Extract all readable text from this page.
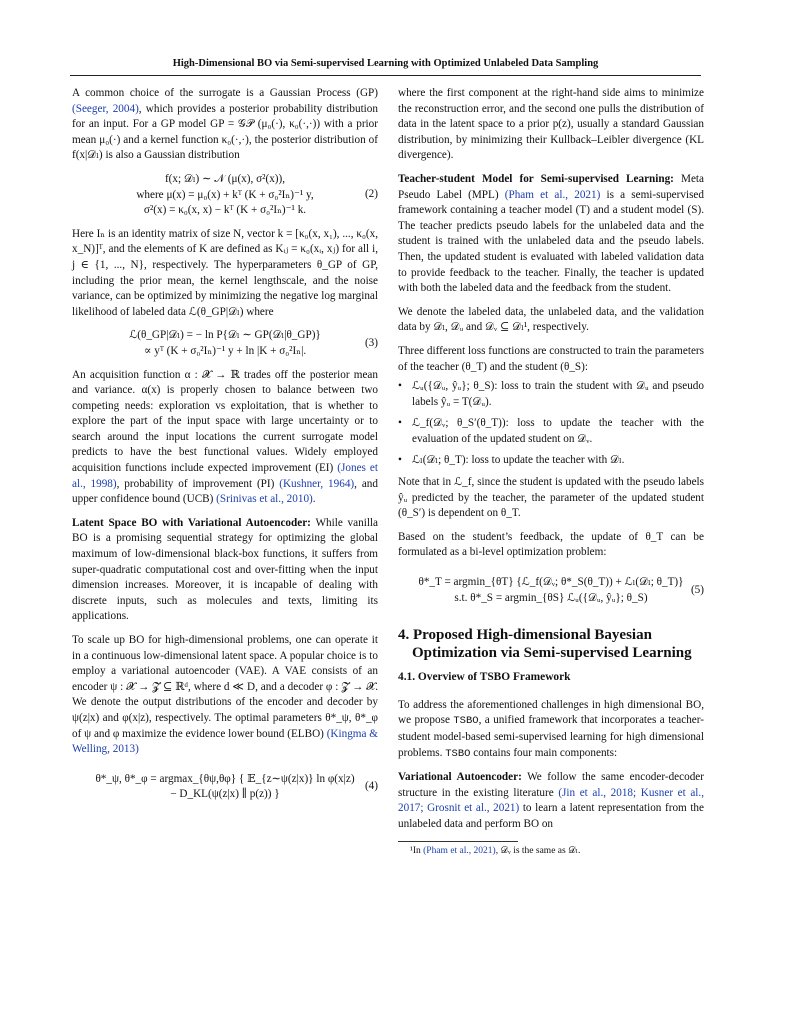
High-Dimensional BO via Semi-supervised Learning with Optimized Unlabeled Data Sampling

A common choice of the surrogate is a Gaussian Process (GP) (Seeger, 2004), which provides a posterior probability distribution for an input. For a GP model GP = 𝒢𝒫 (μ₀(·), κ₀(·,·)) with a prior mean μ₀(·) and a kernel function κ₀(·,·), the posterior distribution of f(x|𝒟ₗ) is also a Gaussian distribution

f(x; 𝒟ₗ) ∼ 𝒩 (μ(x), σ²(x)),
where μ(x) = μ₀(x) + kᵀ (K + σ₀²Iₙ)⁻¹ y,
σ²(x) = κ₀(x, x) − kᵀ (K + σ₀²Iₙ)⁻¹ k.
(2)

Here Iₙ is an identity matrix of size N, vector k = [κ₀(x, x₁), ..., κ₀(x, x_N)]ᵀ, and the elements of K are defined as Kᵢⱼ = κ₀(xᵢ, xⱼ) for all i, j ∈ {1, ..., N}, respectively. The hyperparameters θ_GP of GP, including the prior mean, the kernel lengthscale, and the noise variance, can be optimized by minimizing the negative log marginal likelihood of labeled data ℒ(θ_GP|𝒟ₗ) where

ℒ(θ_GP|𝒟ₗ) = − ln P{𝒟ₗ ∼ GP(𝒟ₗ|θ_GP)}
∝ yᵀ (K + σ₀²Iₙ)⁻¹ y + ln |K + σ₀²Iₙ|.
(3)

An acquisition function α : 𝓧 → ℝ trades off the posterior mean and variance. α(x) is properly chosen to balance between two competing needs: exploration vs exploitation, that is whether to explore the part of the input space with large uncertainty or to search around the input locations the current surrogate model predicts to have the best functional values. Widely employed acquisition functions include expected improvement (EI) (Jones et al., 1998), probability of improvement (PI) (Kushner, 1964), and upper confidence bound (UCB) (Srinivas et al., 2010).

Latent Space BO with Variational Autoencoder: While vanilla BO is a promising sequential strategy for optimizing the global maximum of low-dimensional black-box functions, it suffers from super-quadratic computational cost and over-fitting when the input dimension increases. Moreover, it is incapable of dealing with discrete inputs, such as molecules and texts, limiting its applications.

To scale up BO for high-dimensional problems, one can operate it in a continuous low-dimensional latent space. A popular choice is to employ a variational autoencoder (VAE). A VAE consists of an encoder ψ : 𝓧 → 𝓩 ⊆ ℝᵈ, where d ≪ D, and a decoder φ : 𝓩 → 𝓧. We denote the output distributions of the encoder and decoder by ψ(z|x) and φ(x|z), respectively. The optimal parameters θ*_ψ, θ*_φ of ψ and φ maximize the evidence lower bound (ELBO) (Kingma & Welling, 2013)

θ*_ψ, θ*_φ = argmax_{θψ,θφ} { 𝔼_{z∼ψ(z|x)} ln φ(x|z)
− D_KL(ψ(z|x) ∥ p(z)) }
(4)

where the first component at the right-hand side aims to minimize the reconstruction error, and the second one pulls the distribution of data in the latent space to a prior p(z), usually a standard Gaussian distribution, by minimizing their Kullback–Leibler divergence (KL divergence).

Teacher-student Model for Semi-supervised Learning: Meta Pseudo Label (MPL) (Pham et al., 2021) is a semi-supervised framework containing a teacher model (T) and a student model (S). The teacher predicts pseudo labels for the unlabeled data and the student is trained with the unlabeled data and the pseudo labels. Then, the updated student is evaluated with labeled validation data to provide feedback to the teacher. Finally, the teacher is updated with both the labeled data and the feedback from the student.

We denote the labeled data, the unlabeled data, and the validation data by 𝒟ₗ, 𝒟ᵤ and 𝒟ᵥ ⊆ 𝒟ₗ¹, respectively.

Three different loss functions are constructed to train the parameters of the teacher (θ_T) and the student (θ_S):

• ℒᵤ({𝒟ᵤ, ŷᵤ}; θ_S): loss to train the student with 𝒟ᵤ and pseudo labels ŷᵤ = T(𝒟ᵤ).
• ℒ_f(𝒟ᵥ; θ_S′(θ_T)): loss to update the teacher with the evaluation of the updated student on 𝒟ᵥ.
• ℒₗ(𝒟ₗ; θ_T): loss to update the teacher with 𝒟ₗ.

Note that in ℒ_f, since the student is updated with the pseudo labels ŷᵤ predicted by the teacher, the parameter of the updated student (θ_S′) is dependent on θ_T.

Based on the student’s feedback, the update of θ_T can be formulated as a bi-level optimization problem:

θ*_T = argmin_{θT} {ℒ_f(𝒟ᵥ; θ*_S(θ_T)) + ℒₗ(𝒟ₗ; θ_T)}
s.t. θ*_S = argmin_{θS} ℒᵤ({𝒟ᵤ, ŷᵤ}; θ_S)
(5)
4. Proposed High-dimensional Bayesian
Optimization via Semi-supervised Learning
4.1. Overview of TSBO Framework

To address the aforementioned challenges in high dimensional BO, we propose TSBO, a unified framework that incorporates a teacher-student model-based semi-supervised learning for high dimensional problems. TSBO contains four main components:

Variational Autoencoder: We follow the same encoder-decoder structure in the existing literature (Jin et al., 2018; Kusner et al., 2017; Grosnit et al., 2021) to learn a latent representation from the unlabeled data and perform BO on

¹In (Pham et al., 2021), 𝒟ᵥ is the same as 𝒟ₗ.
